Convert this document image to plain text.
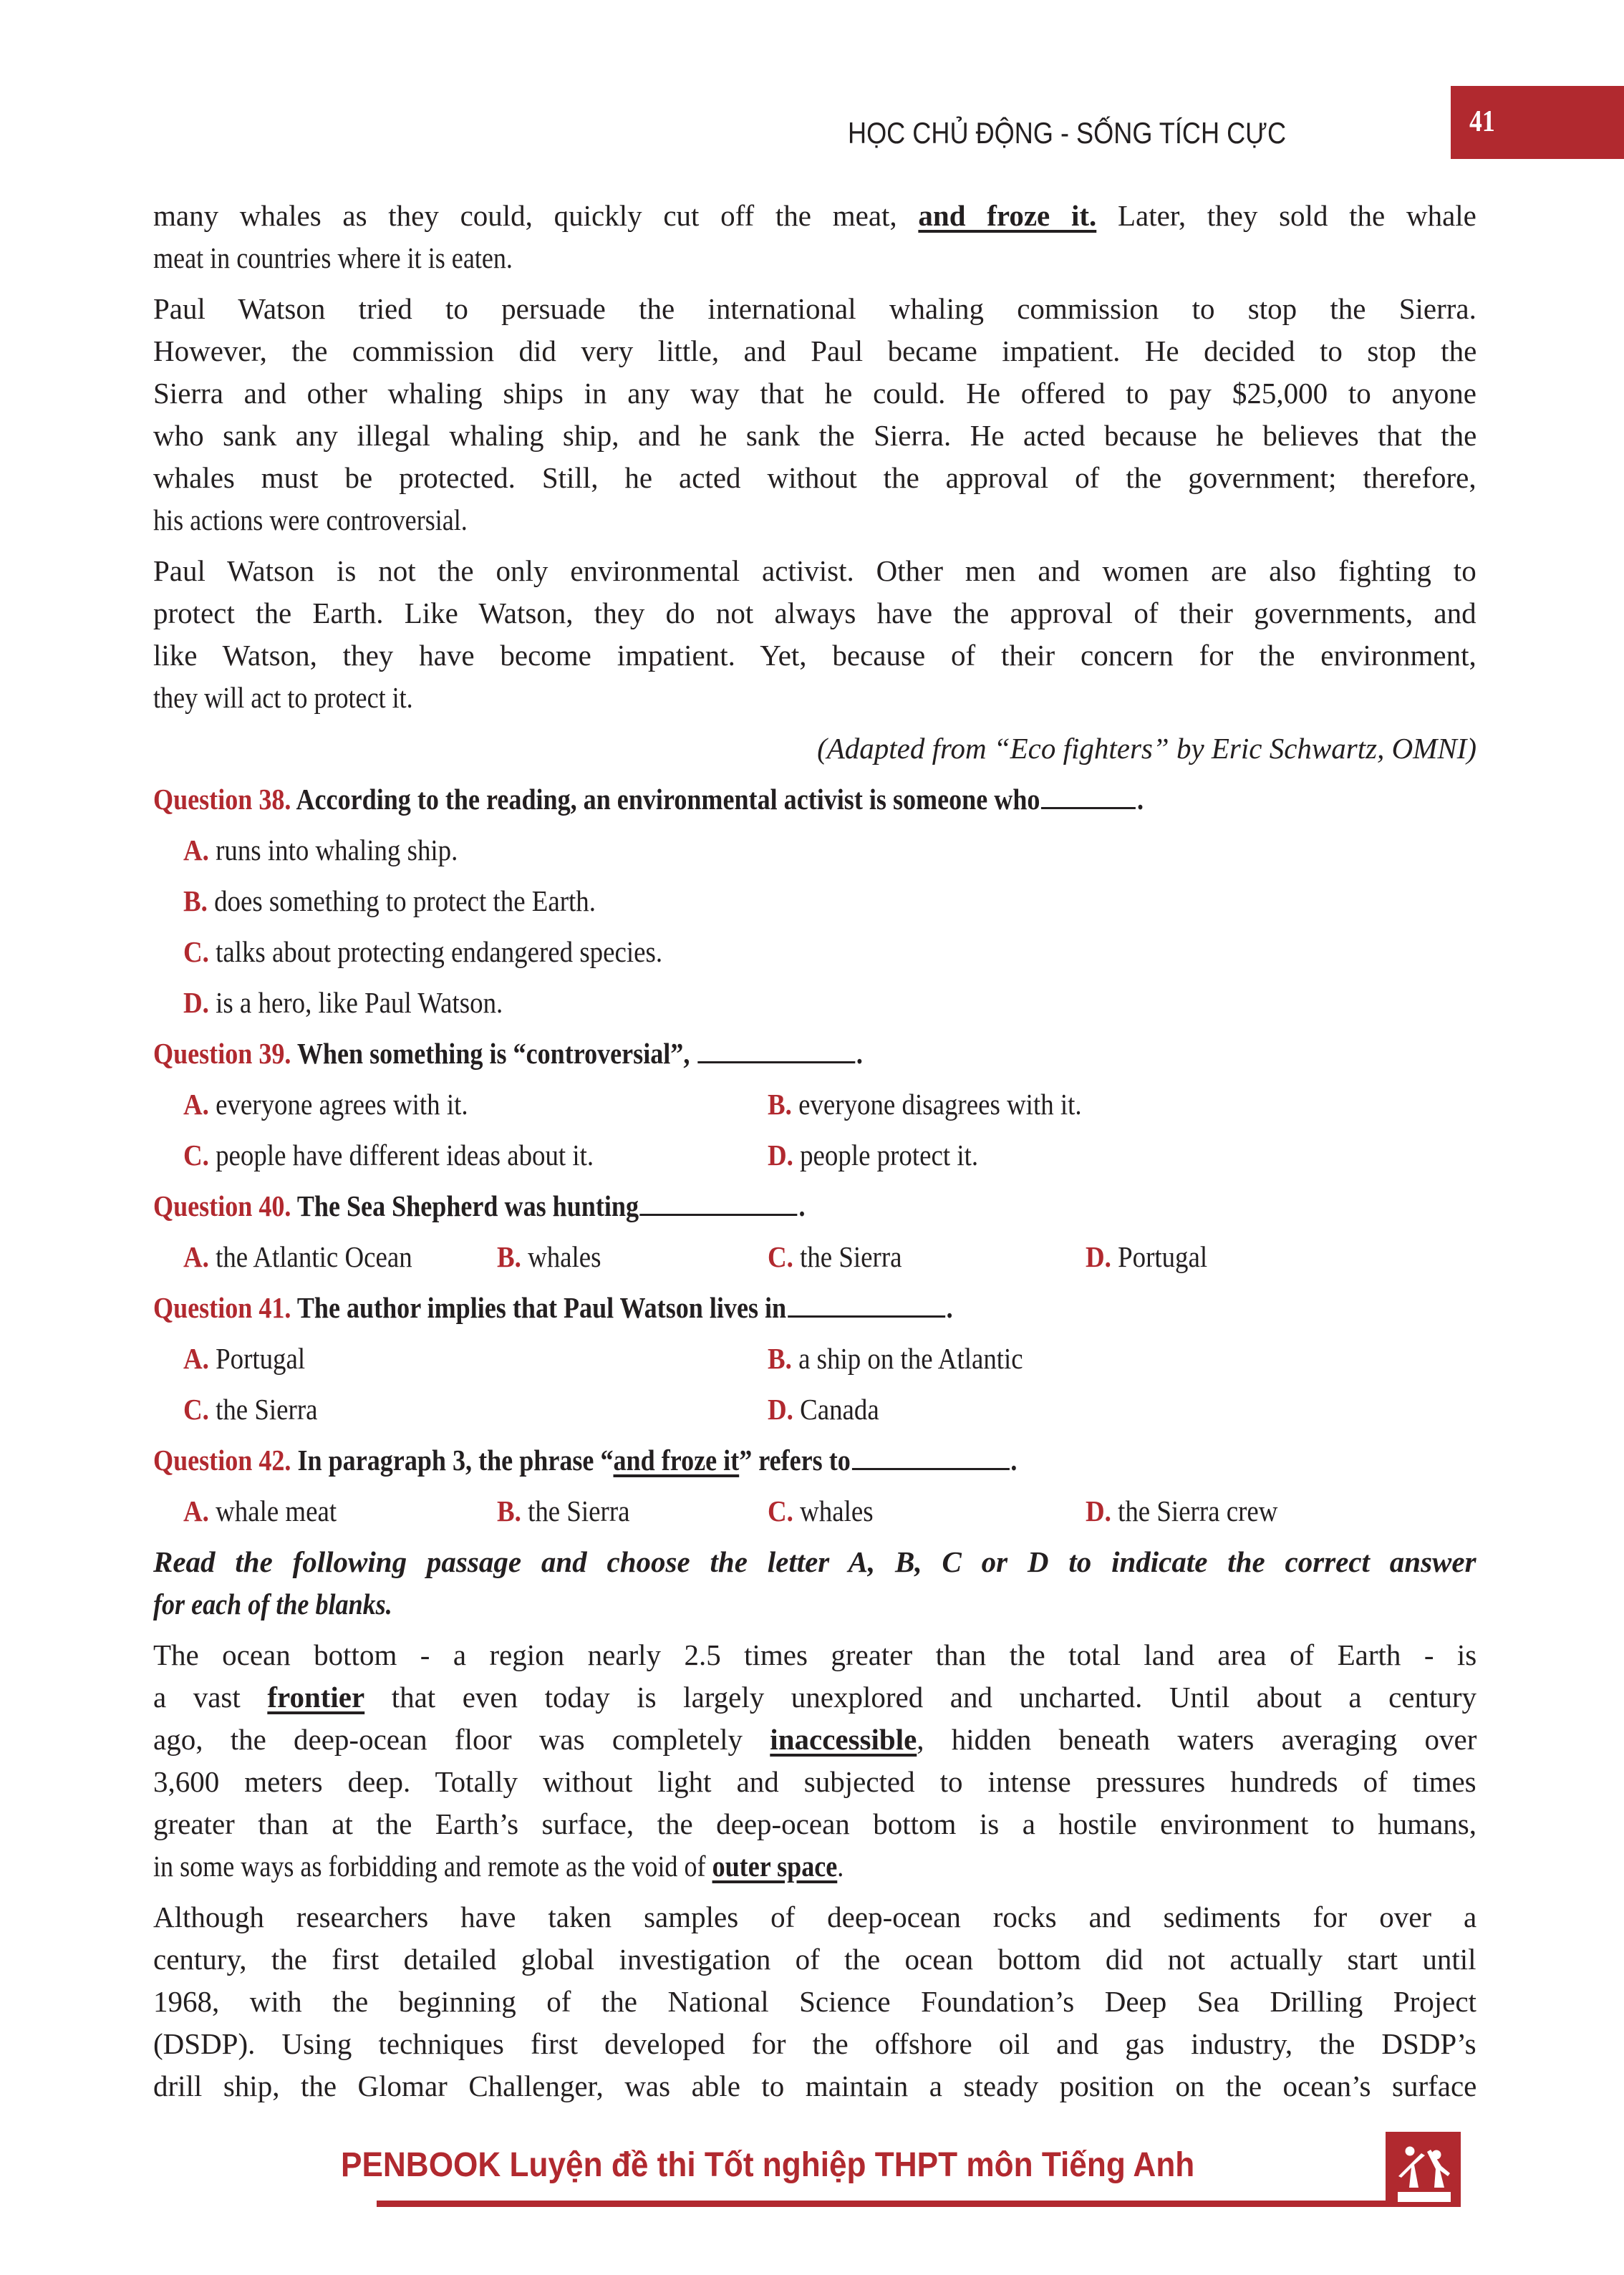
HỌC CHỦ ĐỘNG - SỐNG TÍCH CỰC	41
many whales as they could, quickly cut off the meat, and froze it. Later, they sold the whale
meat in countries where it is eaten.
Paul Watson tried to persuade the international whaling commission to stop the Sierra.
However, the commission did very little, and Paul became impatient. He decided to stop the
Sierra and other whaling ships in any way that he could. He offered to pay $25,000 to anyone
who sank any illegal whaling ship, and he sank the Sierra. He acted because he believes that the
whales must be protected. Still, he acted without the approval of the government; therefore,
his actions were controversial.
Paul Watson is not the only environmental activist. Other men and women are also fighting to
protect the Earth. Like Watson, they do not always have the approval of their governments, and
like Watson, they have become impatient. Yet, because of their concern for the environment,
they will act to protect it.
(Adapted from “Eco fighters” by Eric Schwartz, OMNI)
Question 38. According to the reading, an environmental activist is someone who	.
A. runs into whaling ship.
B. does something to protect the Earth.
C. talks about protecting endangered species.
D. is a hero, like Paul Watson.
Question 39. When something is “controversial”,	.
A. everyone agrees with it.	B. everyone disagrees with it.
C. people have different ideas about it.	D. people protect it.
Question 40. The Sea Shepherd was hunting	.
A. the Atlantic Ocean	B. whales	C. the Sierra	D. Portugal
Question 41. The author implies that Paul Watson lives in	.
A. Portugal	B. a ship on the Atlantic
C. the Sierra	D. Canada
Question 42. In paragraph 3, the phrase “and froze it” refers to	.
A. whale meat	B. the Sierra	C. whales	D. the Sierra crew
Read the following passage and choose the letter A, B, C or D to indicate the correct answer
for each of the blanks.
The ocean bottom - a region nearly 2.5 times greater than the total land area of Earth - is
a vast frontier that even today is largely unexplored and uncharted. Until about a century
ago, the deep-ocean floor was completely inaccessible, hidden beneath waters averaging over
3,600 meters deep. Totally without light and subjected to intense pressures hundreds of times
greater than at the Earth’s surface, the deep-ocean bottom is a hostile environment to humans,
in some ways as forbidding and remote as the void of outer space.
Although researchers have taken samples of deep-ocean rocks and sediments for over a
century, the first detailed global investigation of the ocean bottom did not actually start until
1968, with the beginning of the National Science Foundation’s Deep Sea Drilling Project
(DSDP). Using techniques first developed for the offshore oil and gas industry, the DSDP’s
drill ship, the Glomar Challenger, was able to maintain a steady position on the ocean’s surface
PENBOOK Luyện đề thi Tốt nghiệp THPT môn Tiếng Anh
